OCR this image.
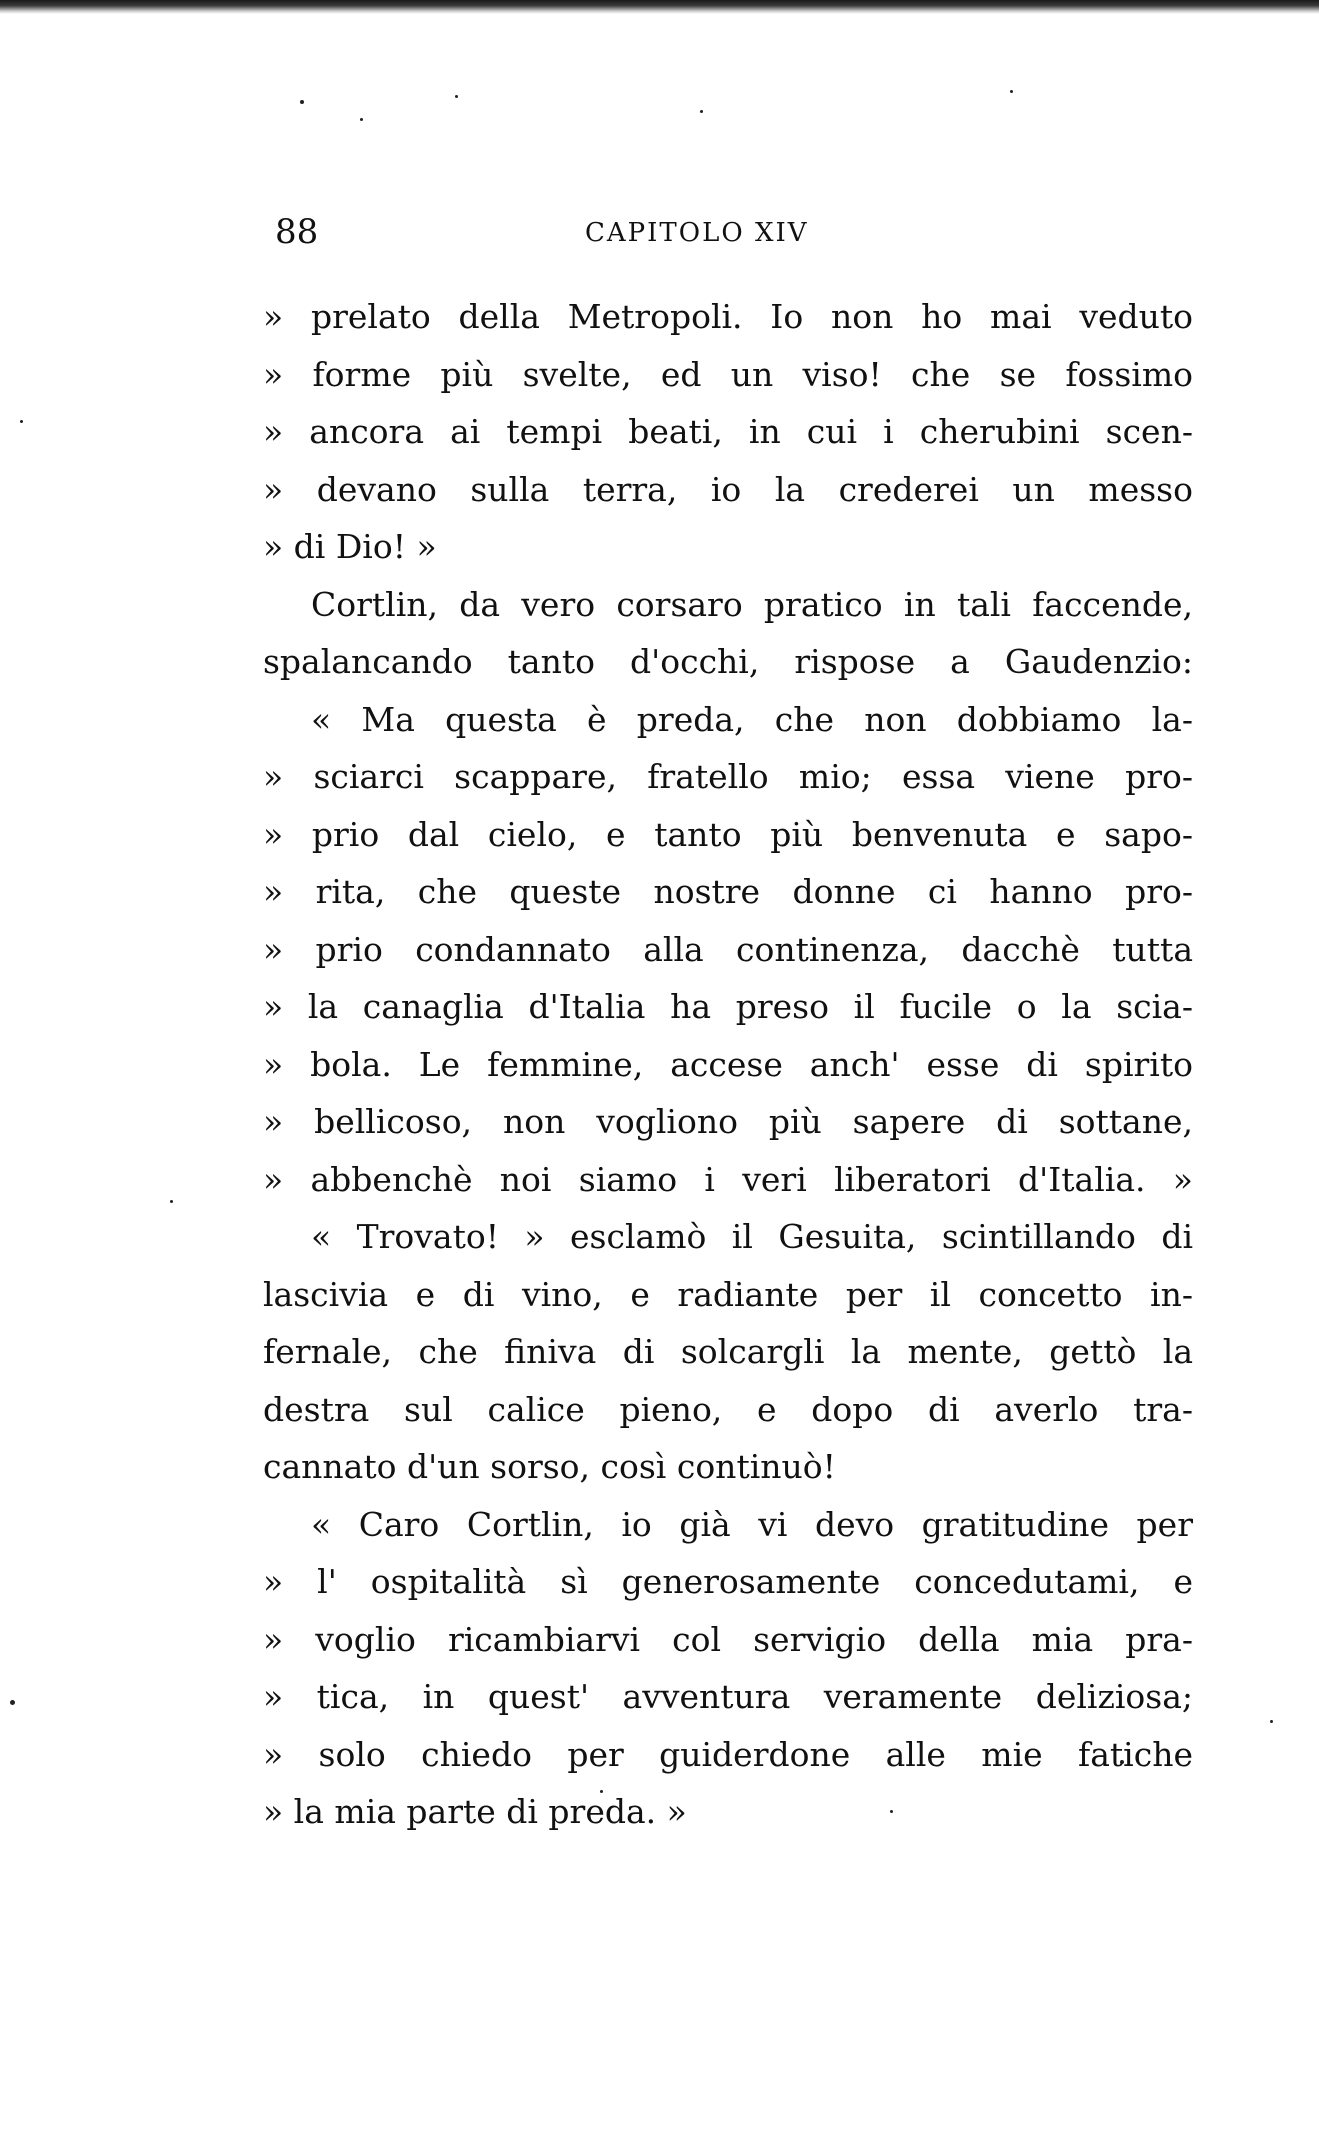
88	CAPITOLO XIV
» prelato della Metropoli. Io non ho mai veduto
» forme più svelte, ed un viso! che se fossimo
» ancora ai tempi beati, in cui i cherubini scen-
» devano sulla terra, io la crederei un messo
» di Dio! »
Cortlin, da vero corsaro pratico in tali faccende,
spalancando tanto d'occhi, rispose a Gaudenzio:
« Ma questa è preda, che non dobbiamo la-
» sciarci scappare, fratello mio; essa viene pro-
» prio dal cielo, e tanto più benvenuta e sapo-
» rita, che queste nostre donne ci hanno pro-
» prio condannato alla continenza, dacchè tutta
» la canaglia d'Italia ha preso il fucile o la scia-
» bola. Le femmine, accese anch' esse di spirito
» bellicoso, non vogliono più sapere di sottane,
» abbenchè noi siamo i veri liberatori d'Italia. »
« Trovato! » esclamò il Gesuita, scintillando di
lascivia e di vino, e radiante per il concetto in-
fernale, che finiva di solcargli la mente, gettò la
destra sul calice pieno, e dopo di averlo tra-
cannato d'un sorso, così continuò!
« Caro Cortlin, io già vi devo gratitudine per
» l' ospitalità sì generosamente concedutami, e
» voglio ricambiarvi col servigio della mia pra-
» tica, in quest' avventura veramente deliziosa;
» solo chiedo per guiderdone alle mie fatiche
» la mia parte di preda. »
